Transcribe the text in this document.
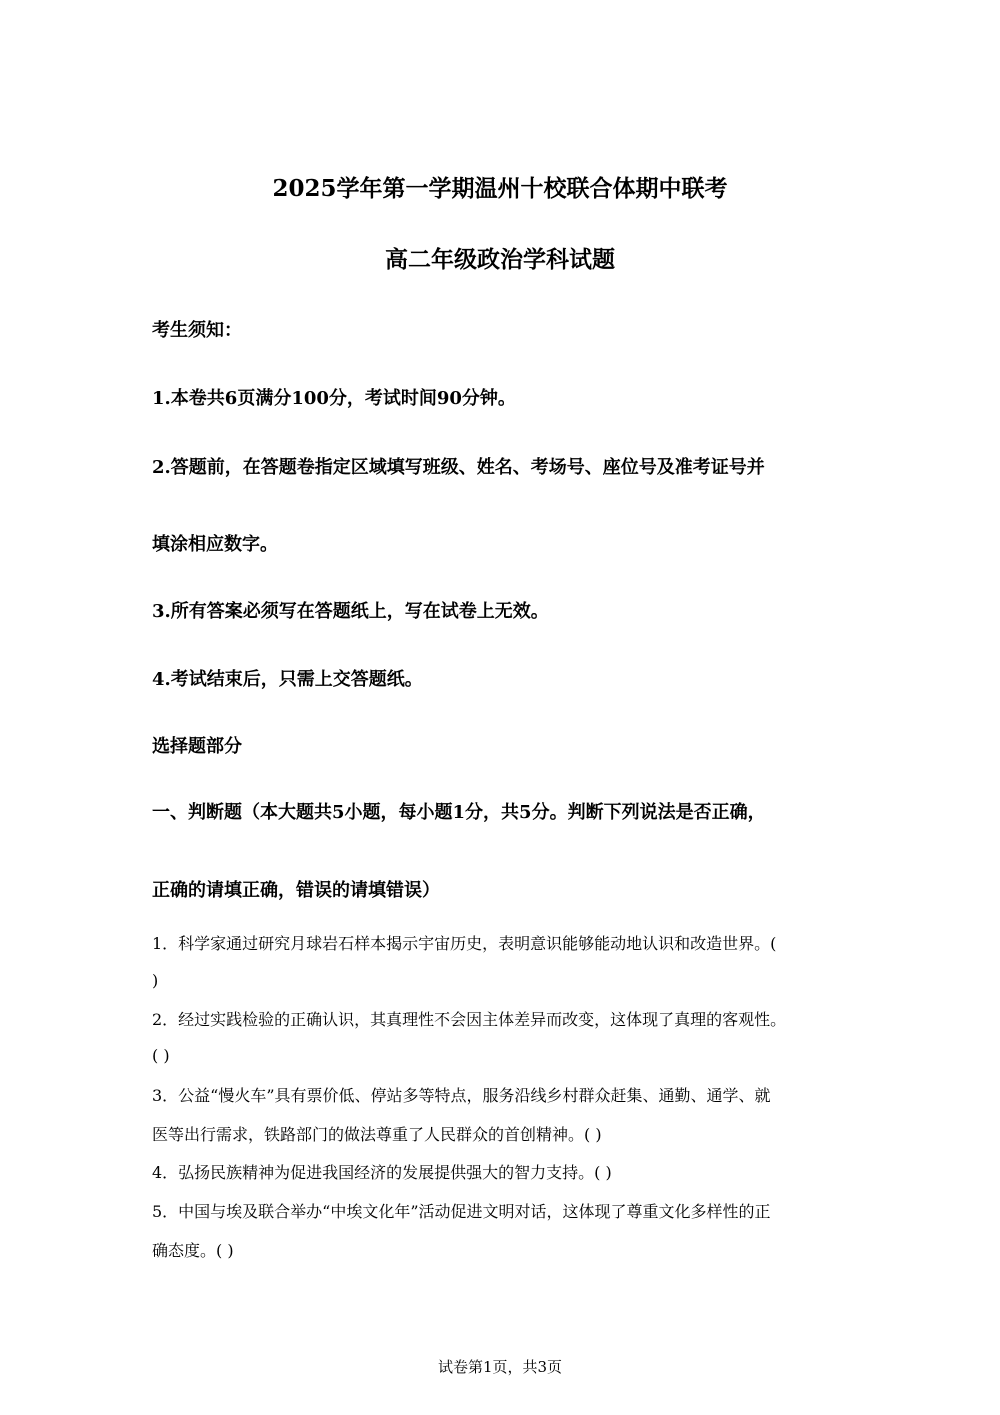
2025学年第一学期温州十校联合体期中联考
高二年级政治学科试题
考生须知：
1.本卷共6页满分100分，考试时间90分钟。
2.答题前，在答题卷指定区域填写班级、姓名、考场号、座位号及准考证号并
填涂相应数字。
3.所有答案必须写在答题纸上，写在试卷上无效。
4.考试结束后，只需上交答题纸。
选择题部分
一、判断题（本大题共5小题，每小题1分，共5分。判断下列说法是否正确，
正确的请填正确，错误的请填错误）
1．科学家通过研究月球岩石样本揭示宇宙历史，表明意识能够能动地认识和改造世界。(
)
2．经过实践检验的正确认识，其真理性不会因主体差异而改变，这体现了真理的客观性。
( )
3．公益“慢火车”具有票价低、停站多等特点，服务沿线乡村群众赶集、通勤、通学、就
医等出行需求，铁路部门的做法尊重了人民群众的首创精神。( )
4．弘扬民族精神为促进我国经济的发展提供强大的智力支持。( )
5．中国与埃及联合举办“中埃文化年”活动促进文明对话，这体现了尊重文化多样性的正
确态度。( )
试卷第1页，共3页
